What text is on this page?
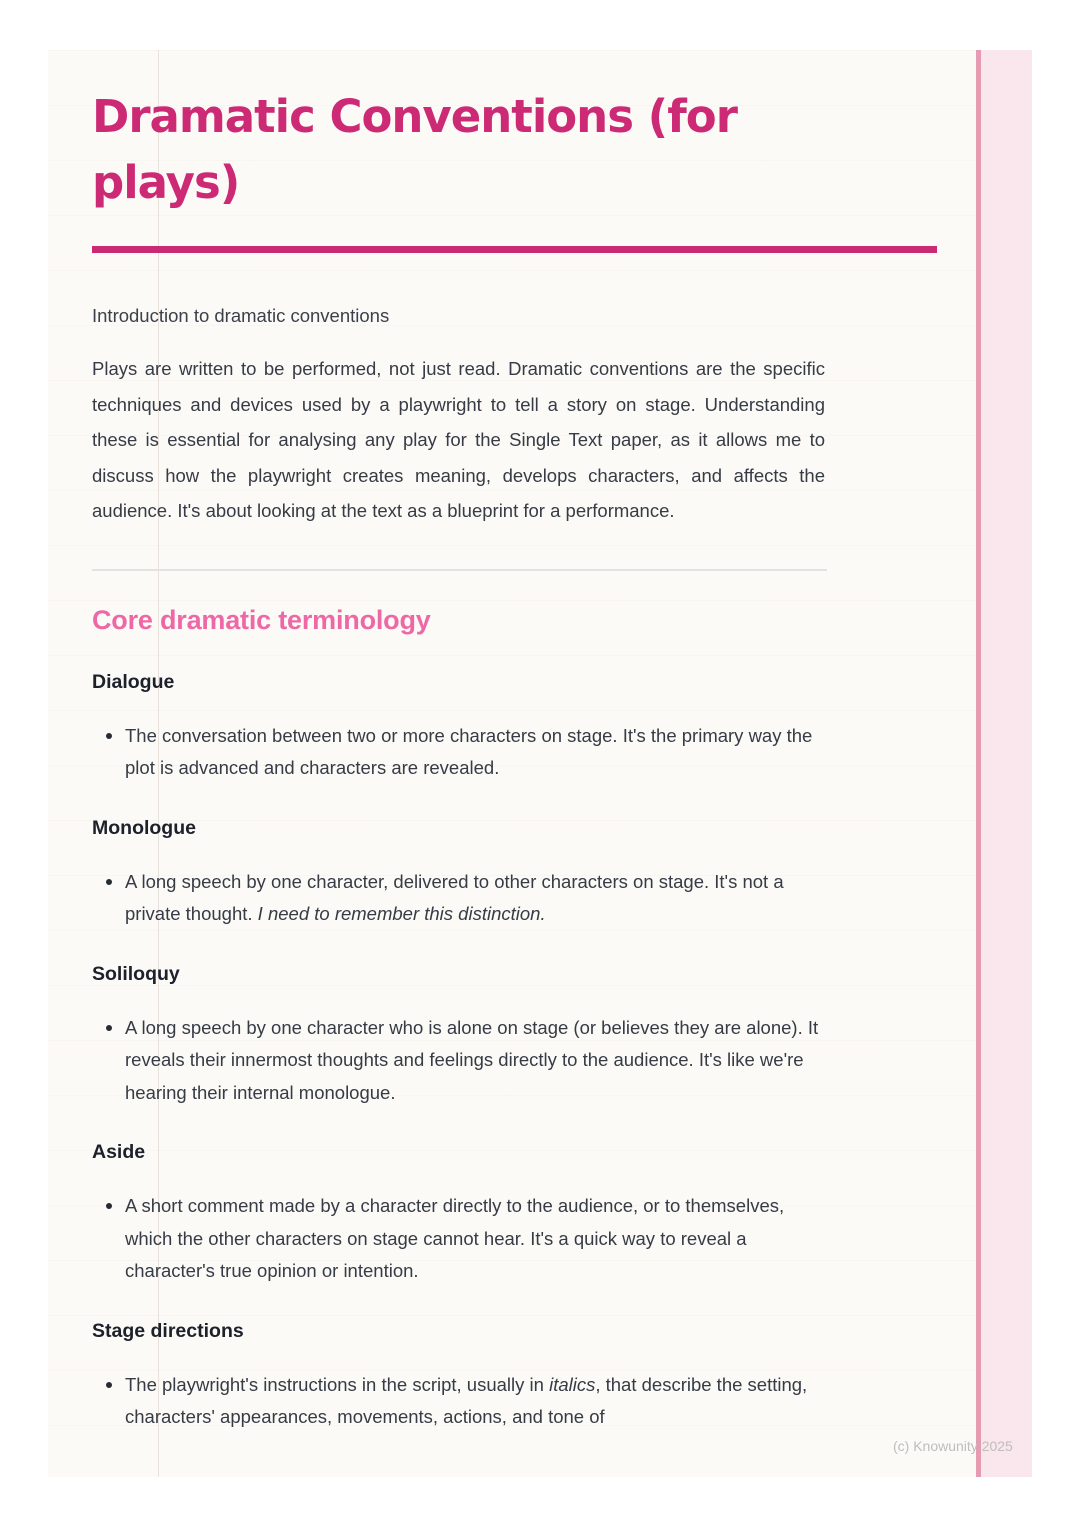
Dramatic Conventions (for plays)

Introduction to dramatic conventions

Plays are written to be performed, not just read. Dramatic conventions are the specific techniques and devices used by a playwright to tell a story on stage. Understanding these is essential for analysing any play for the Single Text paper, as it allows me to discuss how the playwright creates meaning, develops characters, and affects the audience. It's about looking at the text as a blueprint for a performance.

Core dramatic terminology
Dialogue
The conversation between two or more characters on stage. It's the primary way the plot is advanced and characters are revealed.
Monologue
A long speech by one character, delivered to other characters on stage. It's not a private thought. I need to remember this distinction.
Soliloquy
A long speech by one character who is alone on stage (or believes they are alone). It reveals their innermost thoughts and feelings directly to the audience. It's like we're hearing their internal monologue.
Aside
A short comment made by a character directly to the audience, or to themselves, which the other characters on stage cannot hear. It's a quick way to reveal a character's true opinion or intention.
Stage directions
The playwright's instructions in the script, usually in italics, that describe the setting, characters' appearances, movements, actions, and tone of
(c) Knowunity 2025
